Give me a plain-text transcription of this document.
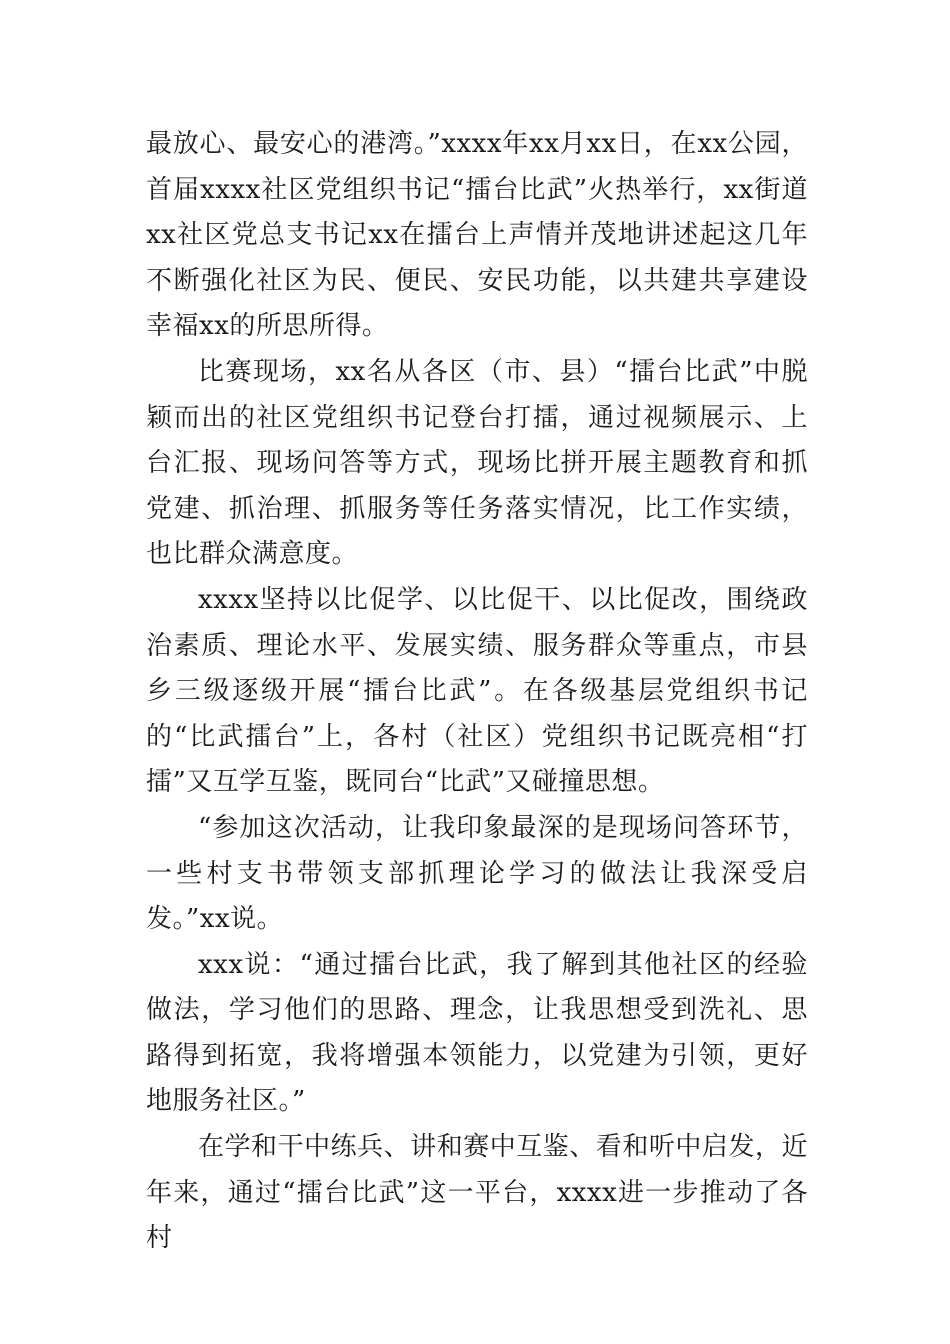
最放心、最安心的港湾。”xxxx年xx月xx日，在xx公园，首届xxxx社区党组织书记“擂台比武”火热举行，xx街道xx社区党总支书记xx在擂台上声情并茂地讲述起这几年不断强化社区为民、便民、安民功能，以共建共享建设幸福xx的所思所得。

比赛现场，xx名从各区（市、县）“擂台比武”中脱颖而出的社区党组织书记登台打擂，通过视频展示、上台汇报、现场问答等方式，现场比拼开展主题教育和抓党建、抓治理、抓服务等任务落实情况，比工作实绩，也比群众满意度。

xxxx坚持以比促学、以比促干、以比促改，围绕政治素质、理论水平、发展实绩、服务群众等重点，市县乡三级逐级开展“擂台比武”。在各级基层党组织书记的“比武擂台”上，各村（社区）党组织书记既亮相“打擂”又互学互鉴，既同台“比武”又碰撞思想。

“参加这次活动，让我印象最深的是现场问答环节，一些村支书带领支部抓理论学习的做法让我深受启发。”xx说。

xxx说：“通过擂台比武，我了解到其他社区的经验做法，学习他们的思路、理念，让我思想受到洗礼、思路得到拓宽，我将增强本领能力，以党建为引领，更好地服务社区。”

在学和干中练兵、讲和赛中互鉴、看和听中启发，近年来，通过“擂台比武”这一平台，xxxx进一步推动了各村
